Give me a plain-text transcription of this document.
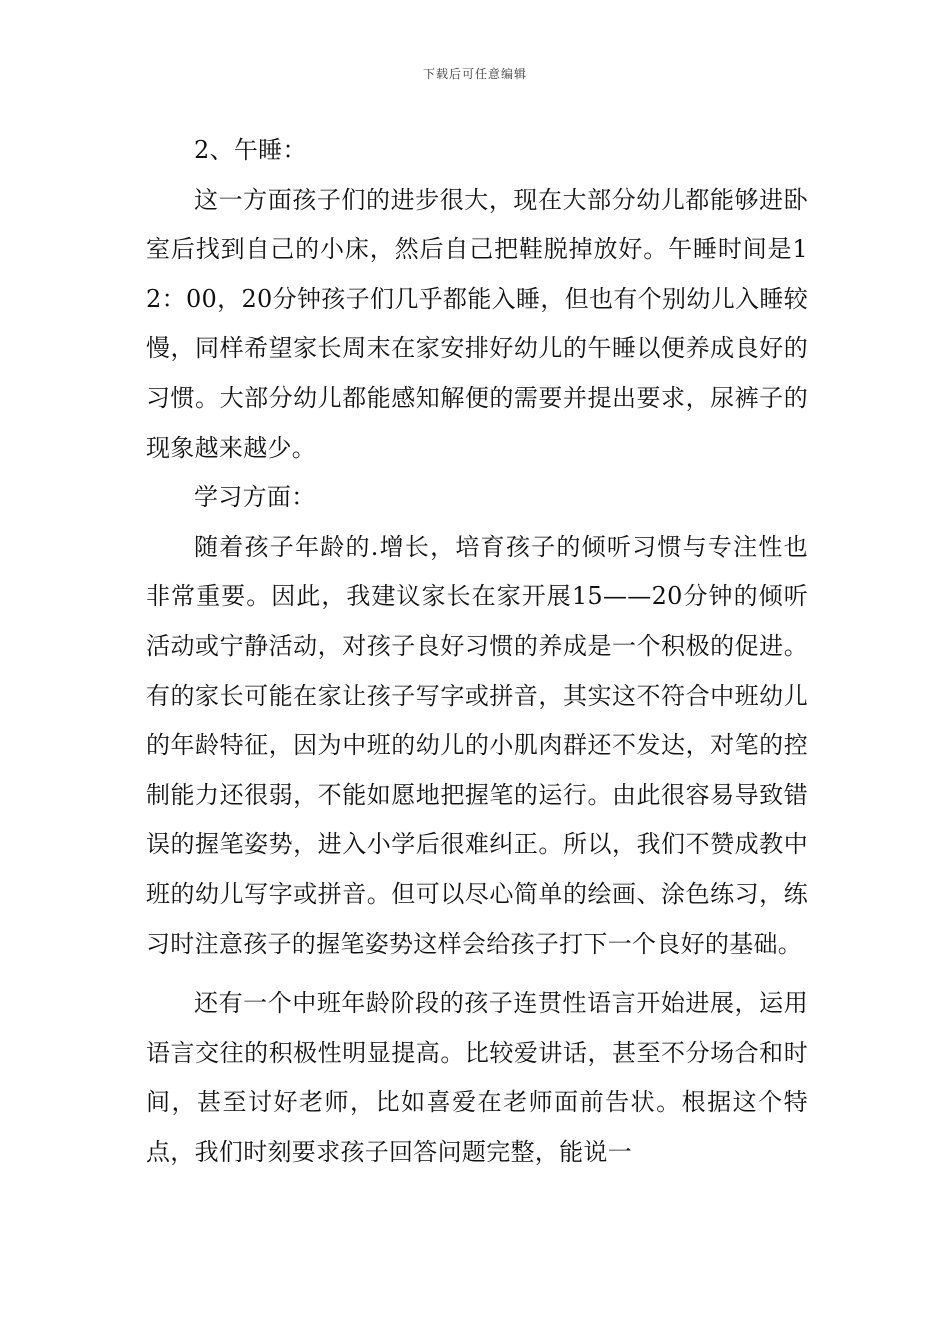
下载后可任意编辑

2、午睡：

这一方面孩子们的进步很大，现在大部分幼儿都能够进卧室后找到自己的小床，然后自己把鞋脱掉放好。午睡时间是12：00，20分钟孩子们几乎都能入睡，但也有个别幼儿入睡较慢，同样希望家长周末在家安排好幼儿的午睡以便养成良好的习惯。大部分幼儿都能感知解便的需要并提出要求，尿裤子的现象越来越少。

学习方面：

随着孩子年龄的.增长，培育孩子的倾听习惯与专注性也非常重要。因此，我建议家长在家开展15——20分钟的倾听活动或宁静活动，对孩子良好习惯的养成是一个积极的促进。有的家长可能在家让孩子写字或拼音，其实这不符合中班幼儿的年龄特征，因为中班的幼儿的小肌肉群还不发达，对笔的控制能力还很弱，不能如愿地把握笔的运行。由此很容易导致错误的握笔姿势，进入小学后很难纠正。所以，我们不赞成教中班的幼儿写字或拼音。但可以尽心简单的绘画、涂色练习，练习时注意孩子的握笔姿势这样会给孩子打下一个良好的基础。

还有一个中班年龄阶段的孩子连贯性语言开始进展，运用语言交往的积极性明显提高。比较爱讲话，甚至不分场合和时间，甚至讨好老师，比如喜爱在老师面前告状。根据这个特点，我们时刻要求孩子回答问题完整，能说一
